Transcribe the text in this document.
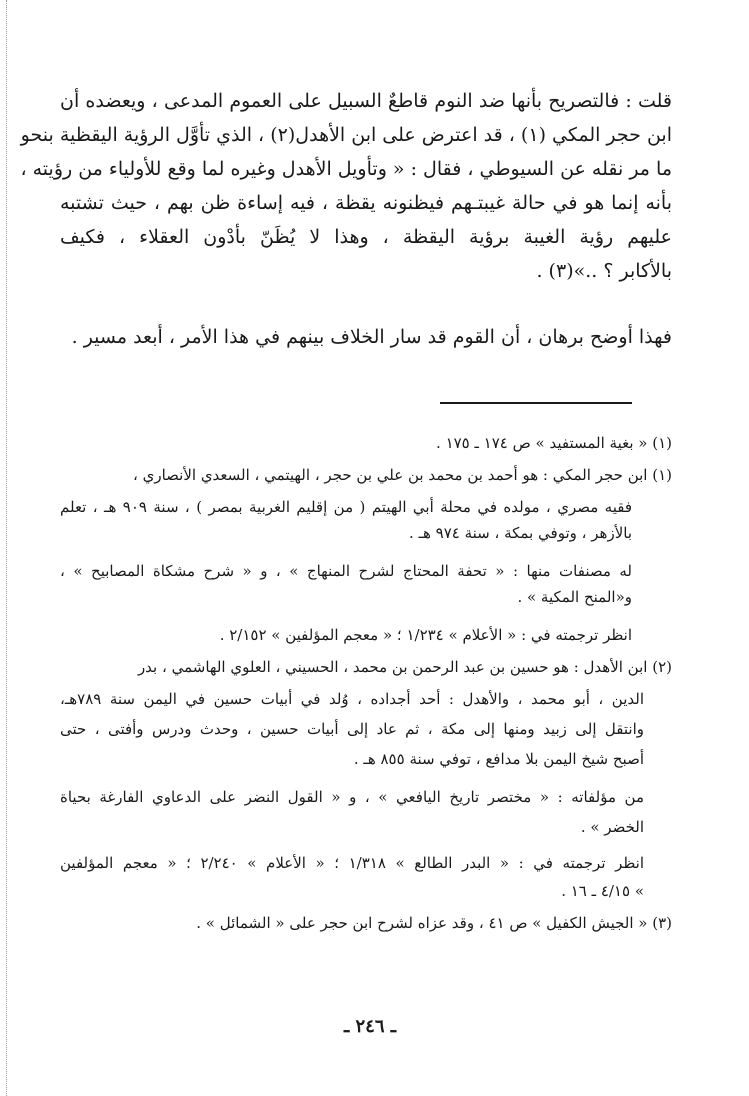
قلت : فالتصريح بأنها ضد النوم قاطعٌ السبيل على العموم المدعى ، ويعضده أن
ابن حجر المكي (١) ، قد اعترض على ابن الأهدل(٢) ، الذي تأوَّل الرؤية اليقظية بنحو
ما مر نقله عن السيوطي ، فقال : « وتأويل الأهدل وغيره لما وقع للأولياء من رؤيته ،
بأنه إنما هو في حالة غيبتـهم فيظنونه يقظة ، فيه إساءة ظن بهم ، حيث تشتبه
عليهم رؤية الغيبة برؤية اليقظة ، وهذا لا يُظَنّ بأدْون العقلاء ، فكيف
بالأكابر ؟ ..»(٣) .
فهذا أوضح برهان ، أن القوم قد سار الخلاف بينهم في هذا الأمر ، أبعد مسير .
(١) « بغية المستفيد » ص ١٧٤ ـ ١٧٥ .
(١) ابن حجر المكي : هو أحمد بن محمد بن علي بن حجر ، الهيتمي ، السعدي الأنصاري ،
فقيه مصري ، مولده في محلة أبي الهيتم ( من إقليم الغربية بمصر ) ، سنة ٩٠٩ هـ ، تعلم
بالأزهر ، وتوفي بمكة ، سنة ٩٧٤ هـ .
له مصنفات منها : « تحفة المحتاج لشرح المنهاج » ، و « شرح مشكاة المصابيح » ،
و«المنح المكية » .
انظر ترجمته في : « الأعلام » ١/٢٣٤ ؛ « معجم المؤلفين » ٢/١٥٢ .
(٢) ابن الأهدل : هو حسين بن عبد الرحمن بن محمد ، الحسيني ، العلوي الهاشمي ، بدر
الدين ، أبو محمد ، والأهدل : أحد أجداده ، وُلد في أبيات حسين في اليمن سنة ٧٨٩هـ،
وانتقل إلى زبيد ومنها إلى مكة ، ثم عاد إلى أبيات حسين ، وحدث ودرس وأفتى ، حتى
أصبح شيخ اليمن بلا مدافع ، توفي سنة ٨٥٥ هـ .
من مؤلفاته : « مختصر تاريخ اليافعي » ، و « القول النضر على الدعاوي الفارغة بحياة
الخضر » .
انظر ترجمته في : « البدر الطالع » ١/٣١٨ ؛ « الأعلام » ٢/٢٤٠ ؛ « معجم المؤلفين
» ٤/١٥ ـ ١٦ .
(٣) « الجيش الكفيل » ص ٤١ ، وقد عزاه لشرح ابن حجر على « الشمائل » .
ـ ٢٤٦ ـ
